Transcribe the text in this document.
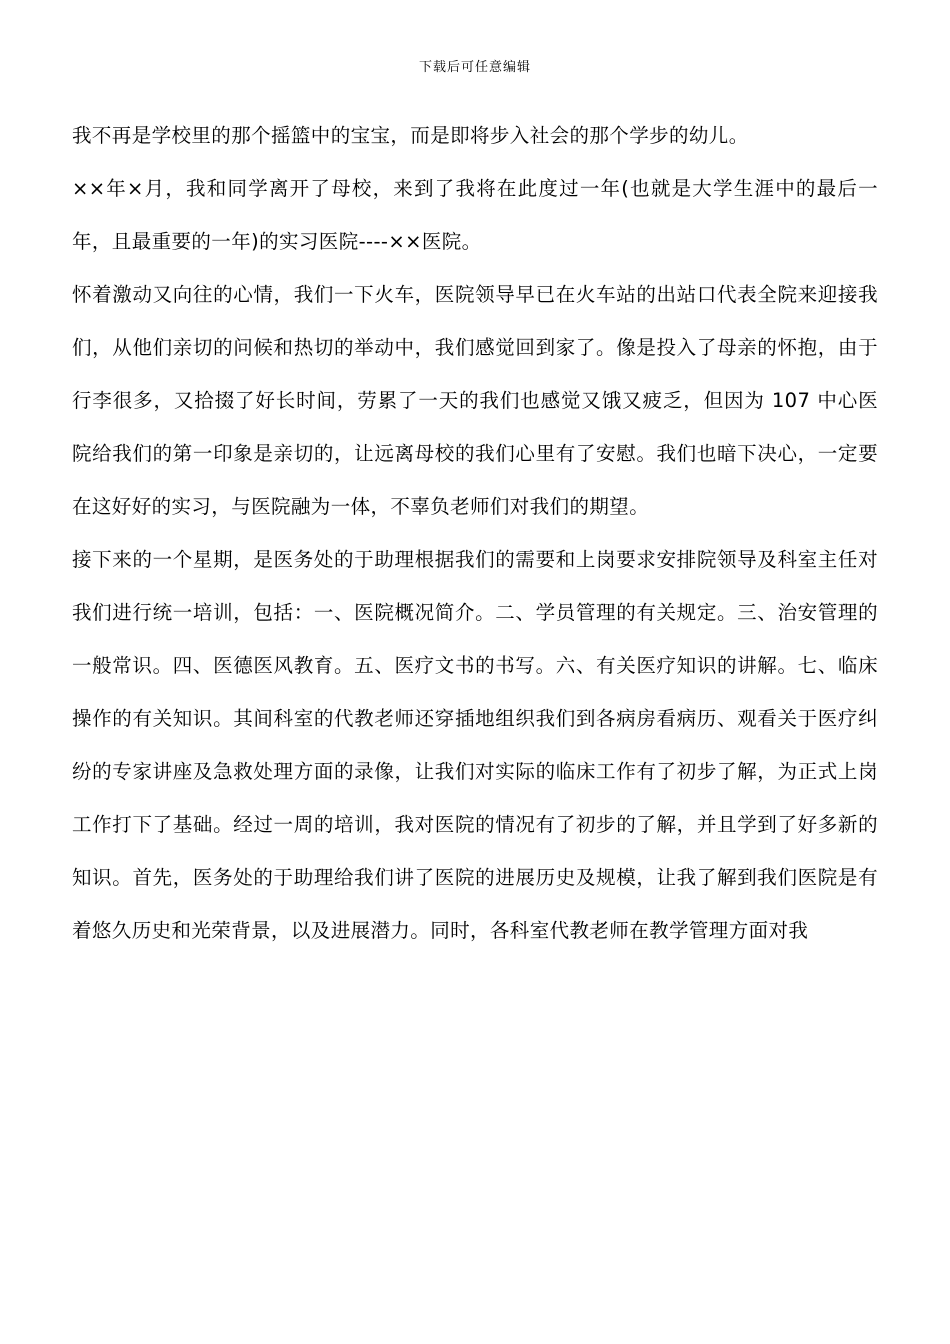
下载后可任意编辑

我不再是学校里的那个摇篮中的宝宝，而是即将步入社会的那个学步的幼儿。

××年×月，我和同学离开了母校，来到了我将在此度过一年(也就是大学生涯中的最后一年，且最重要的一年)的实习医院----××医院。

怀着激动又向往的心情，我们一下火车，医院领导早已在火车站的出站口代表全院来迎接我们，从他们亲切的问候和热切的举动中，我们感觉回到家了。像是投入了母亲的怀抱，由于行李很多，又拾掇了好长时间，劳累了一天的我们也感觉又饿又疲乏，但因为 107 中心医院给我们的第一印象是亲切的，让远离母校的我们心里有了安慰。我们也暗下决心，一定要在这好好的实习，与医院融为一体，不辜负老师们对我们的期望。

接下来的一个星期，是医务处的于助理根据我们的需要和上岗要求安排院领导及科室主任对我们进行统一培训，包括：一、医院概况简介。二、学员管理的有关规定。三、治安管理的一般常识。四、医德医风教育。五、医疗文书的书写。六、有关医疗知识的讲解。七、临床操作的有关知识。其间科室的代教老师还穿插地组织我们到各病房看病历、观看关于医疗纠纷的专家讲座及急救处理方面的录像，让我们对实际的临床工作有了初步了解，为正式上岗工作打下了基础。经过一周的培训，我对医院的情况有了初步的了解，并且学到了好多新的知识。首先，医务处的于助理给我们讲了医院的进展历史及规模，让我了解到我们医院是有着悠久历史和光荣背景，以及进展潜力。同时，各科室代教老师在教学管理方面对我
